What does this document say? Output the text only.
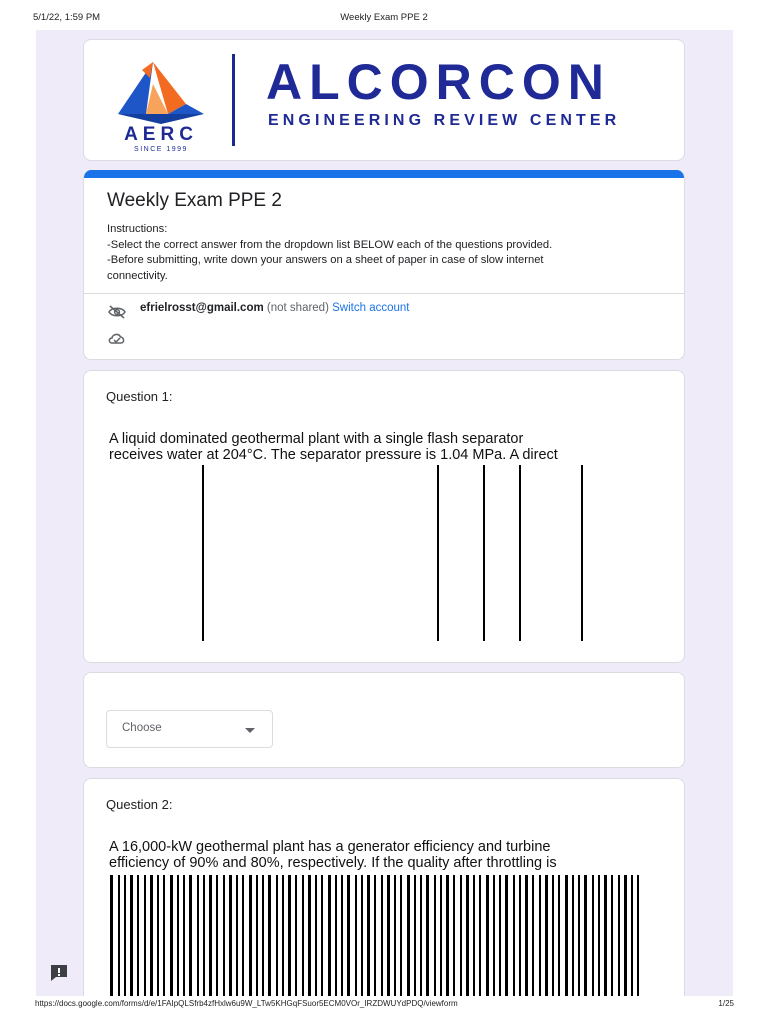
5/1/22, 1:59 PM	Weekly Exam PPE 2
AERC
SINCE 1999
ALCORCON
ENGINEERING REVIEW CENTER
Weekly Exam PPE 2
Instructions:
-Select the correct answer from the dropdown list BELOW each of the questions provided.
-Before submitting, write down your answers on a sheet of paper in case of slow internet
connectivity.
efrielrosst@gmail.com (not shared) Switch account
Question 1:
A liquid dominated geothermal plant with a single flash separator
receives water at 204°C. The separator pressure is 1.04 MPa. A direct
Choose
Question 2:
A 16,000-kW geothermal plant has a generator efficiency and turbine
efficiency of 90% and 80%, respectively. If the quality after throttling is
https://docs.google.com/forms/d/e/1FAIpQLSfrb4zfHxlw6u9W_LTw5KHGqFSuor5ECM0VOr_IRZDWUYdPDQ/viewform	1/25
